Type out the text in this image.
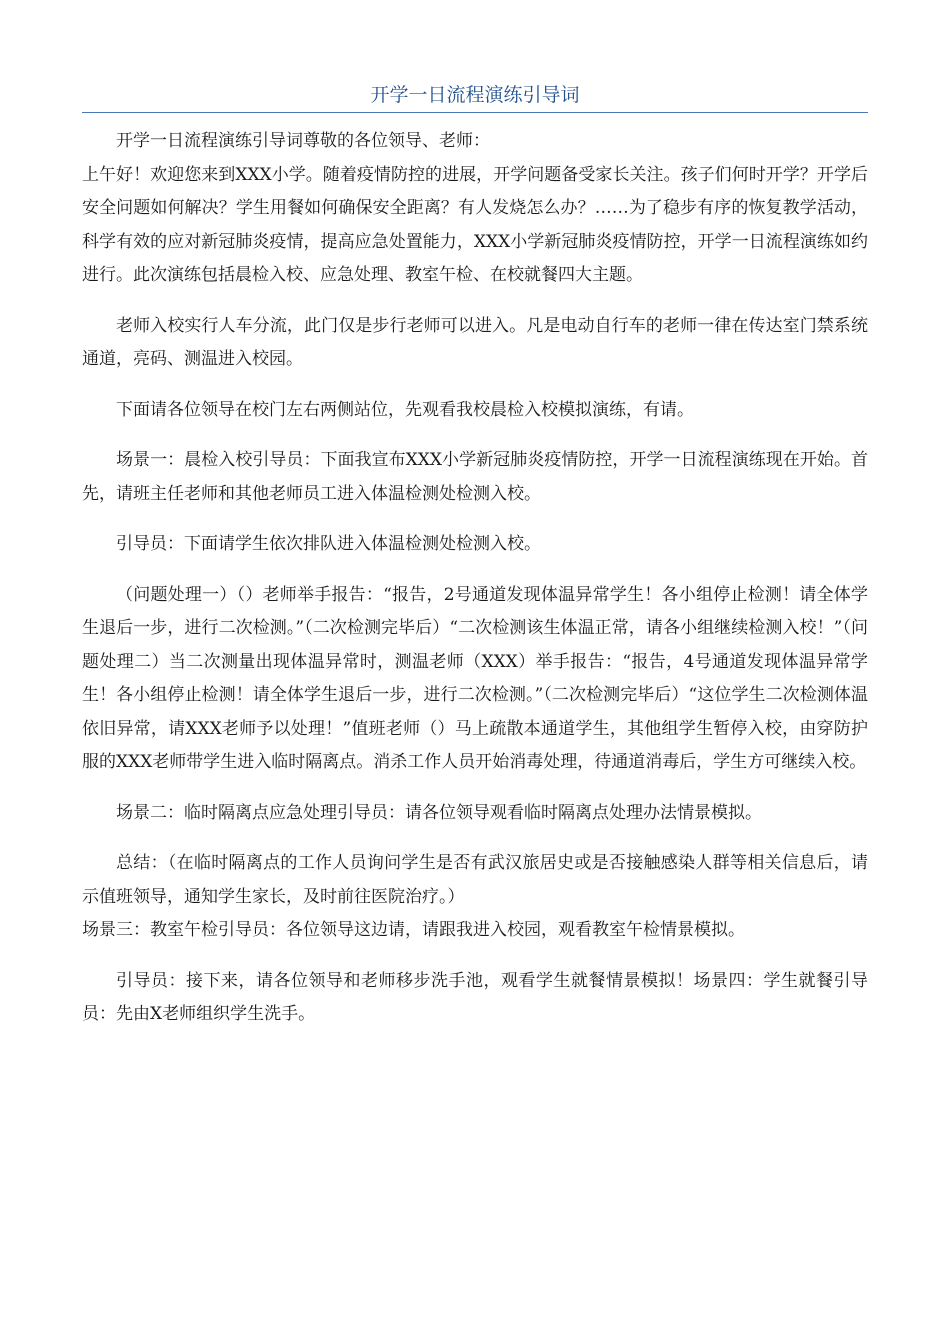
开学一日流程演练引导词

开学一日流程演练引导词尊敬的各位领导、老师：

上午好！欢迎您来到XXX小学。随着疫情防控的进展，开学问题备受家长关注。孩子们何时开学？开学后安全问题如何解决？学生用餐如何确保安全距离？有人发烧怎么办？……为了稳步有序的恢复教学活动，科学有效的应对新冠肺炎疫情，提高应急处置能力，XXX小学新冠肺炎疫情防控，开学一日流程演练如约进行。此次演练包括晨检入校、应急处理、教室午检、在校就餐四大主题。

老师入校实行人车分流，此门仅是步行老师可以进入。凡是电动自行车的老师一律在传达室门禁系统通道，亮码、测温进入校园。

下面请各位领导在校门左右两侧站位，先观看我校晨检入校模拟演练，有请。

场景一：晨检入校引导员：下面我宣布XXX小学新冠肺炎疫情防控，开学一日流程演练现在开始。首先，请班主任老师和其他老师员工进入体温检测处检测入校。

引导员：下面请学生依次排队进入体温检测处检测入校。

（问题处理一）（）老师举手报告：“报告，2号通道发现体温异常学生！各小组停止检测！请全体学生退后一步，进行二次检测。”（二次检测完毕后）“二次检测该生体温正常，请各小组继续检测入校！”（问题处理二）当二次测量出现体温异常时，测温老师（XXX）举手报告：“报告，4号通道发现体温异常学生！各小组停止检测！请全体学生退后一步，进行二次检测。”（二次检测完毕后）“这位学生二次检测体温依旧异常，请XXX老师予以处理！”值班老师（）马上疏散本通道学生，其他组学生暂停入校，由穿防护服的XXX老师带学生进入临时隔离点。消杀工作人员开始消毒处理，待通道消毒后，学生方可继续入校。

场景二：临时隔离点应急处理引导员：请各位领导观看临时隔离点处理办法情景模拟。

总结：（在临时隔离点的工作人员询问学生是否有武汉旅居史或是否接触感染人群等相关信息后，请示值班领导，通知学生家长，及时前往医院治疗。）

场景三：教室午检引导员：各位领导这边请，请跟我进入校园，观看教室午检情景模拟。

引导员：接下来，请各位领导和老师移步洗手池，观看学生就餐情景模拟！场景四：学生就餐引导员：先由X老师组织学生洗手。
